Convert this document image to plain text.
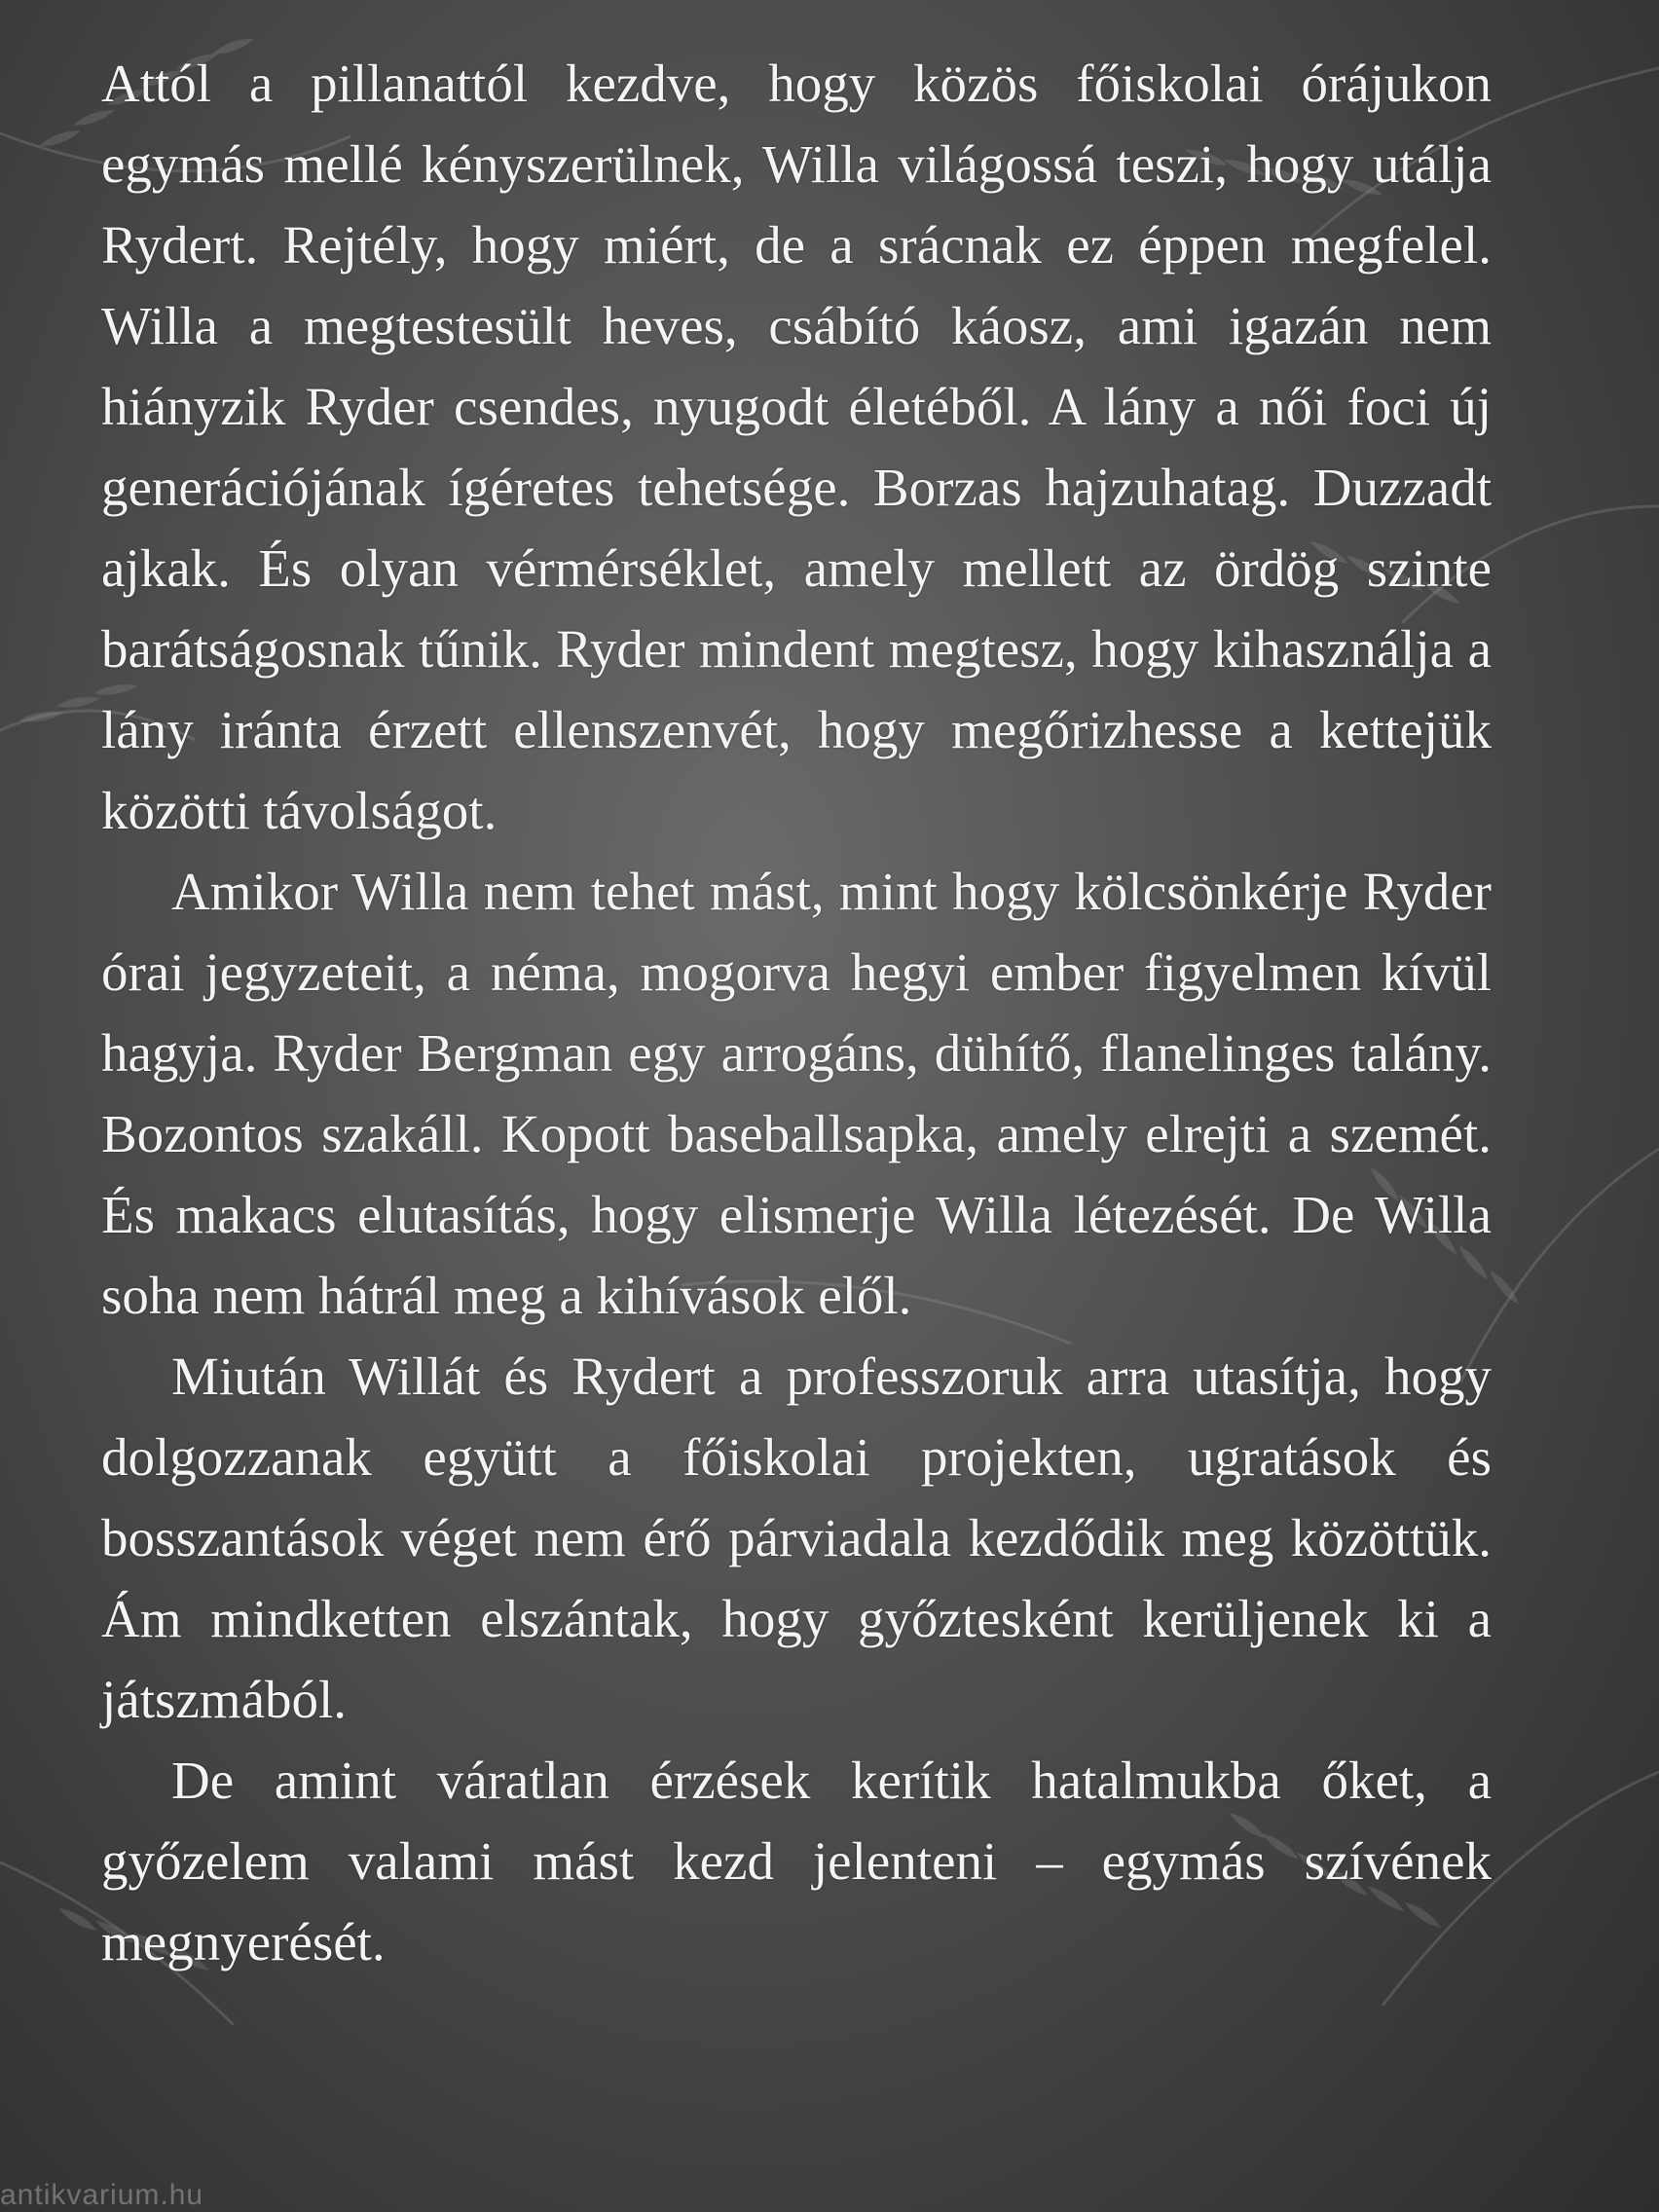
Attól a pillanattól kezdve, hogy közös főiskolai órájukon egymás mellé kényszerülnek, Willa világossá teszi, hogy utálja Rydert. Rejtély, hogy miért, de a srácnak ez éppen megfelel. Willa a megtestesült heves, csábító káosz, ami igazán nem hiányzik Ryder csendes, nyugodt életéből. A lány a női foci új generációjának ígéretes tehetsége. Borzas hajzuhatag. Duzzadt ajkak. És olyan vérmérséklet, amely mellett az ördög szinte barátságosnak tűnik. Ryder mindent megtesz, hogy kihasználja a lány iránta érzett ellenszenvét, hogy megőrizhesse a kettejük közötti távolságot.

Amikor Willa nem tehet mást, mint hogy kölcsönkérje Ryder órai jegyzeteit, a néma, mogorva hegyi ember figyelmen kívül hagyja. Ryder Bergman egy arrogáns, dühítő, flanelinges talány. Bozontos szakáll. Kopott baseballsapka, amely elrejti a szemét. És makacs elutasítás, hogy elismerje Willa létezését. De Willa soha nem hátrál meg a kihívások elől.

Miután Willát és Rydert a professzoruk arra utasítja, hogy dolgozzanak együtt a főiskolai projekten, ugratások és bosszantások véget nem érő párviadala kezdődik meg közöttük. Ám mindketten elszántak, hogy győztesként kerüljenek ki a játszmából.

De amint váratlan érzések kerítik hatalmukba őket, a győzelem valami mást kezd jelenteni – egymás szívének megnyerését.

antikvarium.hu
